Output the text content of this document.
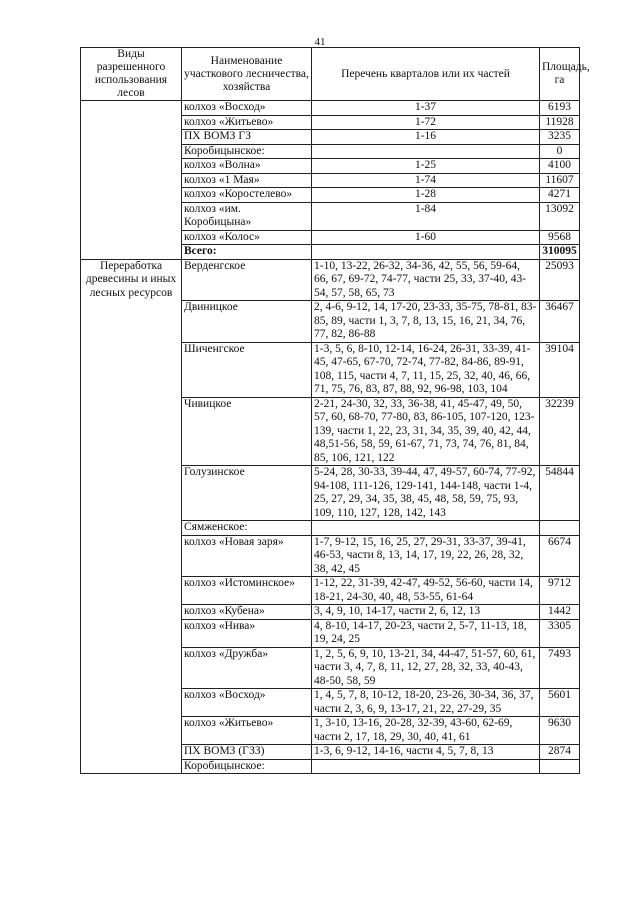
41
Виды разрешенного использования лесов	Наименование участкового лесничества, хозяйства	Перечень кварталов или их частей	Площадь, га
	колхоз «Восход»	1-37	6193
	колхоз «Житьево»	1-72	11928
	ПХ ВОМЗ ГЗ	1-16	3235
	Коробицынское:		0
	колхоз «Волна»	1-25	4100
	колхоз «1 Мая»	1-74	11607
	колхоз «Коростелево»	1-28	4271
	колхоз «им. Коробицына»	1-84	13092
	колхоз «Колос»	1-60	9568
	Всего:		310095
Переработка древесины и иных лесных ресурсов	Верденгское	1-10, 13-22, 26-32, 34-36, 42, 55, 56, 59-64, 66, 67, 69-72, 74-77, части 25, 33, 37-40, 43-54, 57, 58, 65, 73	25093
	Двиницкое	2, 4-6, 9-12, 14, 17-20, 23-33, 35-75, 78-81, 83-85, 89, части 1, 3, 7, 8, 13, 15, 16, 21, 34, 76, 77, 82, 86-88	36467
	Шиченгское	1-3, 5, 6, 8-10, 12-14, 16-24, 26-31, 33-39, 41-45, 47-65, 67-70, 72-74, 77-82, 84-86, 89-91, 108, 115, части 4, 7, 11, 15, 25, 32, 40, 46, 66, 71, 75, 76, 83, 87, 88, 92, 96-98, 103, 104	39104
	Чивицкое	2-21, 24-30, 32, 33, 36-38, 41, 45-47, 49, 50, 57, 60, 68-70, 77-80, 83, 86-105, 107-120, 123-139, части 1, 22, 23, 31, 34, 35, 39, 40, 42, 44, 48,51-56, 58, 59, 61-67, 71, 73, 74, 76, 81, 84, 85, 106, 121, 122	32239
	Голузинское	5-24, 28, 30-33, 39-44, 47, 49-57, 60-74, 77-92, 94-108, 111-126, 129-141, 144-148, части 1-4, 25, 27, 29, 34, 35, 38, 45, 48, 58, 59, 75, 93, 109, 110, 127, 128, 142, 143	54844
	Сямженское:		
	колхоз «Новая заря»	1-7, 9-12, 15, 16, 25, 27, 29-31, 33-37, 39-41, 46-53, части 8, 13, 14, 17, 19, 22, 26, 28, 32, 38, 42, 45	6674
	колхоз «Истоминское»	1-12, 22, 31-39, 42-47, 49-52, 56-60, части 14, 18-21, 24-30, 40, 48, 53-55, 61-64	9712
	колхоз «Кубена»	3, 4, 9, 10, 14-17, части 2, 6, 12, 13	1442
	колхоз «Нива»	4, 8-10, 14-17, 20-23, части 2, 5-7, 11-13, 18, 19, 24, 25	3305
	колхоз «Дружба»	1, 2, 5, 6, 9, 10, 13-21, 34, 44-47, 51-57, 60, 61, части 3, 4, 7, 8, 11, 12, 27, 28, 32, 33, 40-43, 48-50, 58, 59	7493
	колхоз «Восход»	1, 4, 5, 7, 8, 10-12, 18-20, 23-26, 30-34, 36, 37, части 2, 3, 6, 9, 13-17, 21, 22, 27-29, 35	5601
	колхоз «Житьево»	1, 3-10, 13-16, 20-28, 32-39, 43-60, 62-69, части 2, 17, 18, 29, 30, 40, 41, 61	9630
	ПХ ВОМЗ (ГЗЗ)	1-3, 6, 9-12, 14-16, части 4, 5, 7, 8, 13	2874
	Коробицынское:		
